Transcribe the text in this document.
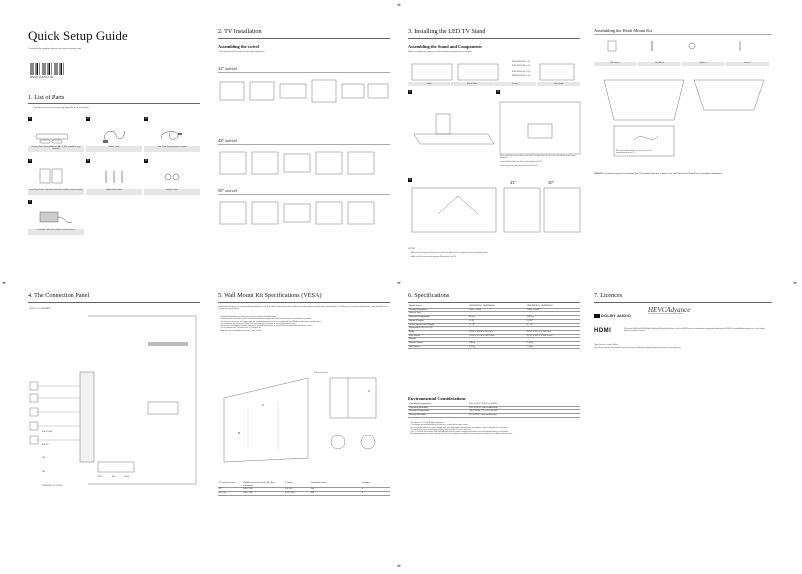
⌖	⌖
⌖
⌖
⌖
Quick Setup Guide
To register this product please visit www.samsung.com
BN68-11520U-00
1. List of Parts
• The parts/accessories may vary depending on the model.
1
Samsung Smart Remote/Batteries (AA x 2) (Not available in some locations)
2
Power Cord
3
Data Cable (Depending on the model)
4
Quick Setup Guide / Regulatory Guide (Not available in some locations)
5
Holder-Wire cable
6
Holder-Cable
7
Ir Extender Cable (Not available in some locations)
2. TV Installation
Assembling the swivel
* The position of the swivel varies by model size.
32" swivel
43" swivel
50" swivel
3. Installing the LED TV Stand
Assembling the Stand and Components
When installing the stand, use the provided components and parts.
BN96-30990E (M4 x L14)
BN96-30990F (M4 x L14)
BN96-30990G (M4 x L14)
BN96-30990H (M4 x L14)
Stand	Stand Guide	Screws	Cable Guide
1	2
Place a soft cloth over the table to protect the TV, and then place the TV on the cloth with the screen facing downward.
Insert the Stand Guide into the slot on the bottom of the TV.
Fasten 4 screws into the holes on the back of the TV.
3
43"	50"
NOTES
• Make sure to distinguish between the front and back of each component when assembling them.
• Make sure that at least two persons lift and move the TV.
Assembling the Hook Mount Kit
Wall Holder x 2	Long Bolt x 4	Washer x 4	Screw x 4
When the wall-mount kit is not in use, place the supplied stand on the TV.
WARNING: To prevent injury, you must attach this TV securely to the floor, a table, or the wall. Refer to the Manual for the installation information.
4. The Connection Panel
AUDIO OUT INTERFACE
HDMI IN 1 (ARC)
HDMI IN 2
USB
LAN
ANT IN
DIGITAL AUDIO OUT (OPTICAL)
AV IN	EX-LINK
5. Wall Mount Kit Specifications (VESA)
Install your wall mount on a solid wall perpendicular to the floor. When attaching to other building materials, please contact your nearest dealer. If installing on a ceiling or slanted wall, it may fall and result in severe personal injury.
• Standard dimensions for wall mount kits are shown in the table below.
• Samsung wall mount kits contain a detailed installation manual and all parts necessary for assembly are provided.
• Do not use screws that are longer than the standard dimension or do not comply with the VESA standard screw specifications.
• Do not fasten the screws too firmly. This may damage the product or cause the product to fall.
• Samsung is not liable for product damage or personal injury when a non-VESA or non-specified wall mount is used.
• Do not mount the TV at more than a 15 degree tilt.
• Always have two people mount the TV onto a wall.
B
A
C
Wall mount bracket
TV size in inches	VESA screw hole specs (A * B) in millimeters	C (mm)	Standard Screw	Quantity
32	100 x 100	6.6~8.8	M4	4
43 / 50	200 x 200	10.3~10.5	M8	4
6. Specifications
Model Name	UE32N5300 / UE32N4300	UE43N5300 / UE43N5302
Display Resolution	1920 x 1080	1920 x 1080
Screen Size		
Measured Diagonally	80 cm	108 cm
Sound (Output)	10 W	20 W
Stand Swivel (Left / Right)	0° / 0°	0° / 0°
Dimensions (W x H x D)		
Body	733.8 x 436.8 x 78.5 mm	973.2 x 571.1 x 73.0 mm
With Stand	733.8 x 472.8 x 163.2 mm	973.2 x 621.0 x 208.3 mm
Weight		
Without Stand	3.9 kg	7.6 kg
With Stand	4.1 kg	7.8 kg
Environmental Considerations
Operating Temperature	10°C to 40°C (50°F to 104°F)
Operating Humidity	10% to 80%, non-condensing
Storage Temperature	-20°C to 45°C (-4°F to 113°F)
Storage Humidity	5% to 95%, non-condensing
• This device is a Class B digital apparatus.
• The design and specifications are subject to change without prior notice.
• For information about the power supply, and more information about power consumption, refer to the label on the product.
• To reduce the power consumption, please switch off the TV when not in use.
• Your TV and its accessories may look different from the product images presented in this manual depending on the model.
• An administration fee may be charged if either (a) an engineer is called out at your request and there is no defect in the product.
7. Licences
DOLBY AUDIO
HEVCAdvance
Covered by one or more claims of the HEVC patents
HDMI	The terms HDMI and HDMI High-Definition Multimedia Interface, and the HDMI Logo are trademarks or registered trademarks of HDMI Licensing Administrator, Inc. in the United States and other countries.
Open Source Licence Notice
Open Source used in this product can be found on the following webpage (https://opensource.samsung.com).
